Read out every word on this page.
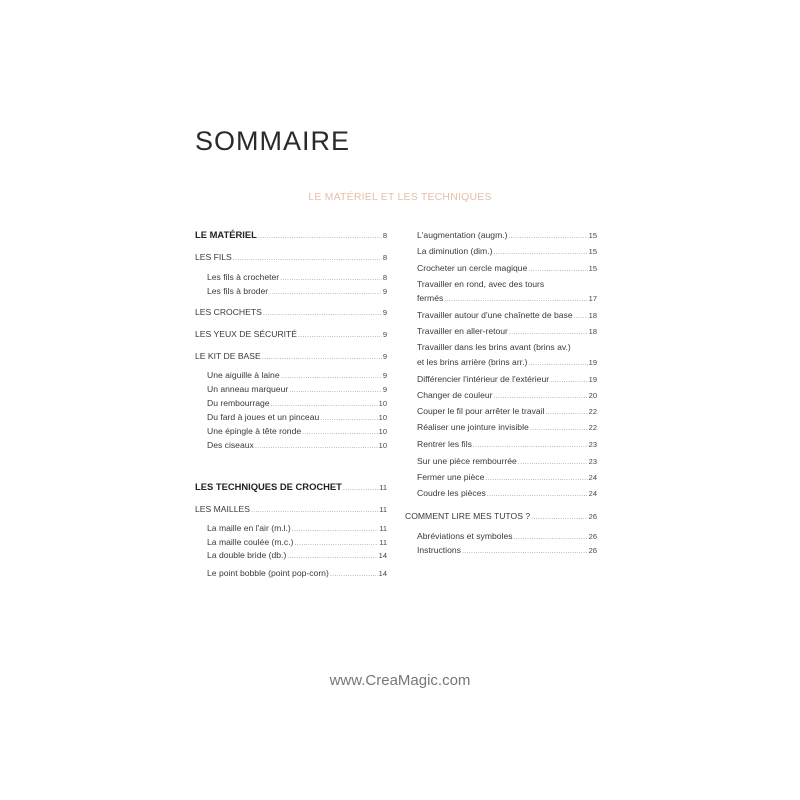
SOMMAIRE
LE MATÉRIEL ET LES TECHNIQUES
LE MATÉRIEL .....	8
LES FILS .....	8
Les fils à crocheter .....	8
Les fils à broder .....	9
LES CROCHETS .....	9
LES YEUX DE SÉCURITÉ .....	9
LE KIT DE BASE .....	9
Une aiguille à laine .....	9
Un anneau marqueur .....	9
Du rembourrage .....	10
Du fard à joues et un pinceau .....	10
Une épingle à tête ronde .....	10
Des ciseaux .....	10
LES TECHNIQUES DE CROCHET .....	11
LES MAILLES .....	11
La maille en l'air (m.l.) .....	11
La maille coulée (m.c.) .....	11
La double bride (db.) .....	14
Le point bobble (point pop-corn) .....	14
L'augmentation (augm.) .....	15
La diminution (dim.) .....	15
Crocheter un cercle magique .....	15
Travailler en rond, avec des tours
fermés .....	17
Travailler autour d'une chaînette de base ..... 18
Travailler en aller-retour .....	18
Travailler dans les brins avant (brins av.)
et les brins arrière (brins arr.) .....	19
Différencier l'intérieur de l'extérieur .....	19
Changer de couleur .....	20
Couper le fil pour arrêter le travail .....	22
Réaliser une jointure invisible .....	22
Rentrer les fils .....	23
Sur une pièce rembourrée .....	23
Fermer une pièce .....	24
Coudre les pièces .....	24
COMMENT LIRE MES TUTOS ? .....	26
Abréviations et symboles .....	26
Instructions .....	26
www.CreaMagic.com
